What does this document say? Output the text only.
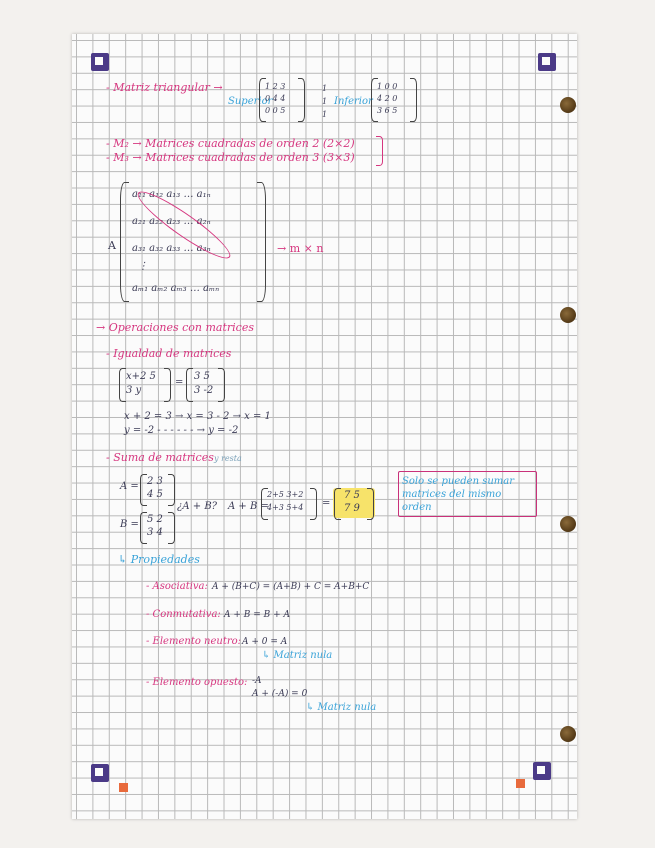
- Matriz triangular →
Superior
1 2 3
0 4 4
0 0 5
1
1
1
Inferior
1 0 0
4 2 0
3 6 5
- M₂ → Matrices cuadradas de orden 2 (2×2)
- M₃ → Matrices cuadradas de orden 3 (3×3)
A
a₁₁ a₁₂ a₁₃ … a₁ₙ
a₂₁ a₂₂ a₂₃ … a₂ₙ
a₃₁ a₃₂ a₃₃ … a₃ₙ
⋮
aₘ₁ aₘ₂ aₘ₃ … aₘₙ
→ m × n
→ Operaciones con matrices
- Igualdad de matrices
x+2 5
3 y
=
3 5
3 -2
x + 2 = 3 → x = 3 - 2 → x = 1
y = -2 - - - - - - → y = -2
- Suma de matrices y resta
A = 2 3
4 5
¿A + B? A + B =
2+5 3+2
4+3 5+4 =
7 5
7 9
Solo se pueden sumar
matrices del mismo
orden
B = 5 2
3 4
↳ Propiedades
- Asociativa: A + (B+C) = (A+B) + C = A+B+C
- Conmutativa: A + B = B + A
- Elemento neutro: A + 0 = A
↳ Matriz nula
- Elemento opuesto: -A
A + (-A) = 0
↳ Matriz nula
